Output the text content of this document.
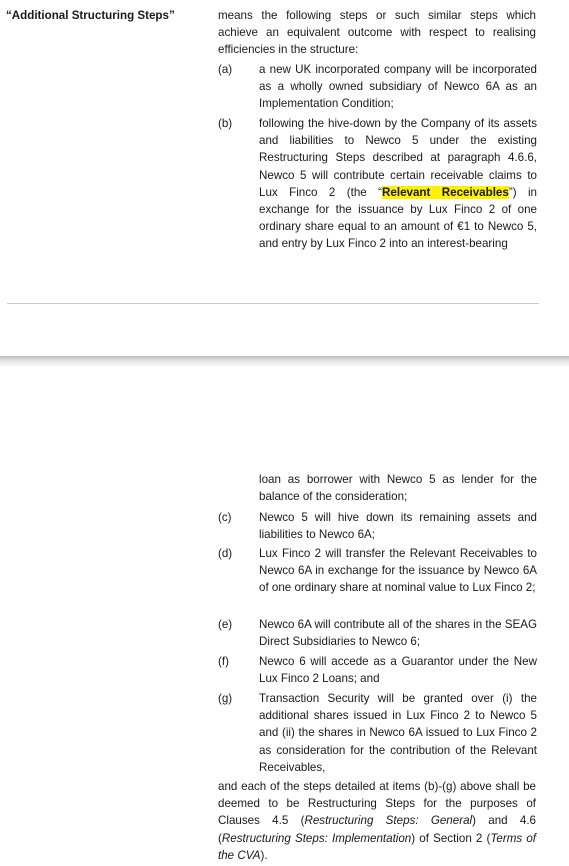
“Additional Structuring Steps”	means the following steps or such similar steps which achieve an equivalent outcome with respect to realising efficiencies in the structure:
(a)	a new UK incorporated company will be incorporated as a wholly owned subsidiary of Newco 6A as an Implementation Condition;
(b)	following the hive-down by the Company of its assets and liabilities to Newco 5 under the existing Restructuring Steps described at paragraph 4.6.6, Newco 5 will contribute certain receivable claims to Lux Finco 2 (the “Relevant Receivables”) in exchange for the issuance by Lux Finco 2 of one ordinary share equal to an amount of €1 to Newco 5, and entry by Lux Finco 2 into an interest-bearing
loan as borrower with Newco 5 as lender for the balance of the consideration;
(c)	Newco 5 will hive down its remaining assets and liabilities to Newco 6A;
(d)	Lux Finco 2 will transfer the Relevant Receivables to Newco 6A in exchange for the issuance by Newco 6A of one ordinary share at nominal value to Lux Finco 2;
(e)	Newco 6A will contribute all of the shares in the SEAG Direct Subsidiaries to Newco 6;
(f)	Newco 6 will accede as a Guarantor under the New Lux Finco 2 Loans; and
(g)	Transaction Security will be granted over (i) the additional shares issued in Lux Finco 2 to Newco 5 and (ii) the shares in Newco 6A issued to Lux Finco 2 as consideration for the contribution of the Relevant Receivables,
and each of the steps detailed at items (b)-(g) above shall be deemed to be Restructuring Steps for the purposes of Clauses 4.5 (Restructuring Steps: General) and 4.6 (Restructuring Steps: Implementation) of Section 2 (Terms of the CVA).
